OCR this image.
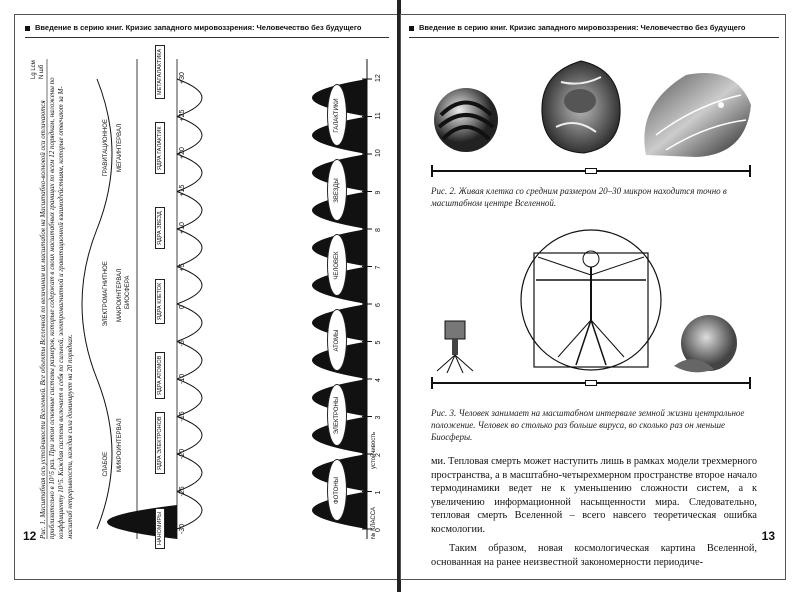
Введение в серию книг. Кризис западного мировоззрения: Человечество без будущего
ФОТОНЫ
ЭЛЕКТРОНЫ
АТОМЫ
ЧЕЛОВЕК
ЗВЕЗДЫ
ГАЛАКТИКИ
НАНОМИРЫ
ЯДРА ЭЛЕКТРОНОВ
ЯДРА АТОМОВ
ЯДРА КЛЕТОК
ЯДРА ЗВЕЗД
ЯДРА ГАЛАКТИК
МЕТАГАЛАКТИКА
СЛАБОЕ
ЭЛЕКТРОМАГНИТНОЕ
ГРАВИТАЦИОННОЕ
МИКРОИНТЕРВАЛ
МАКРОИНТЕРВАЛ
МЕГАИНТЕРВАЛ
0
1
2
3
4
5
6
7
8
9
10
11
12
-30
-25
-20
-15
-10
-5
0
+5
+10
+15
+20
+25
+30
№ КЛАССА
устойчивость
Lg Lсм N шб
БИОСФЕРА
Рис. 1. Масштабная ось устойчивости Вселенной. Все объекты Вселенной по величинам их масштабов на Масштабно-волновой оси отличаются приблизительно в 10^5 раз. При этом основные системы размеров, которые содержат в своих масштабных границах по всем 12 порядкам, наложены по коэффициенту 10^5. Каждая система включает в себя по сильной, электромагнитной и гравитационной взаимодействиям, которые отвечают за М-масштаб непрерывности, каждая сила доминирует на 20 порядках.
12
Введение в серию книг. Кризис западного мировоззрения: Человечество без будущего
Рис. 2. Живая клетка со средним размером 20–30 микрон находится точно в масштабном центре Вселенной.
Рис. 3. Человек занимает на масштабном интервале земной жизни центральное положение. Человек во столько раз больше вируса, во сколько раз он меньше Биосферы.

ми. Тепловая смерть может наступить лишь в рамках модели трехмерного пространства, а в масштабно-четырехмерном пространстве второе начало термодинамики ведет не к уменьшению сложности систем, а к увеличению информационной насыщенности мира. Следовательно, тепловая смерть Вселенной – всего навсего теоретическая ошибка космологии.

Таким образом, новая космологическая картина Вселенной, основанная на ранее неизвестной закономерности периодиче-

13
